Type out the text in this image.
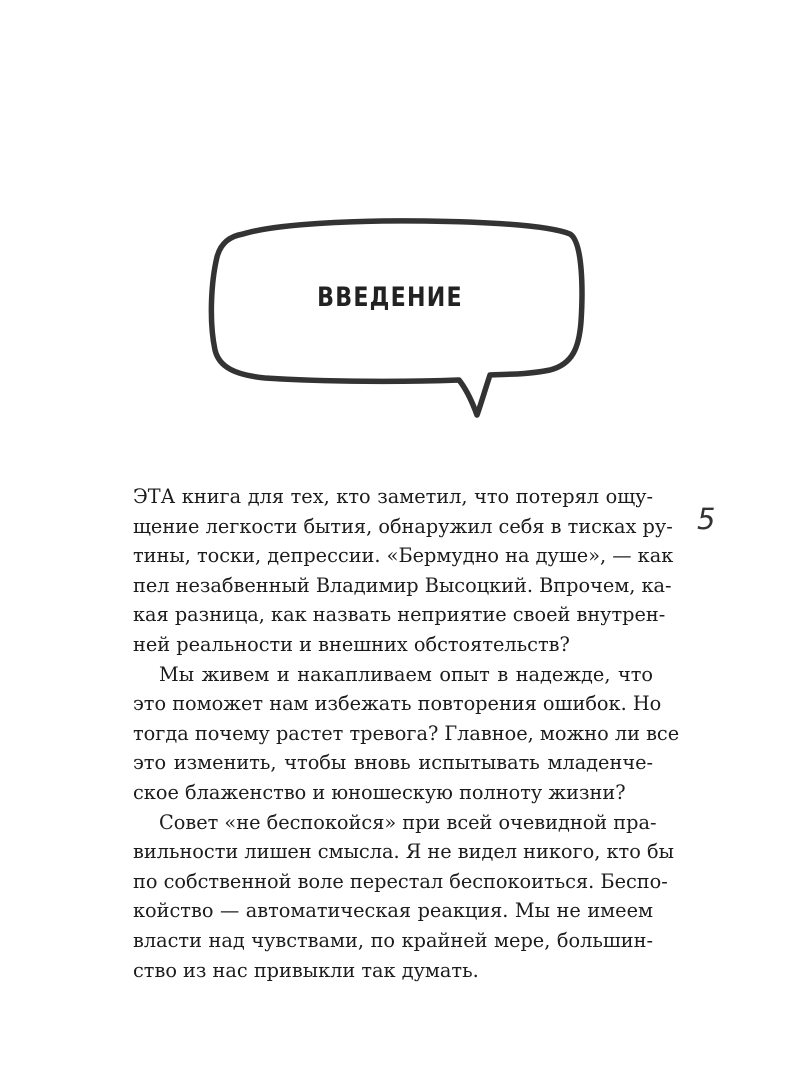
ВВЕДЕНИЕ
5
ЭТА книга для тех, кто заметил, что потерял ощу-
щение легкости бытия, обнаружил себя в тисках ру-
тины, тоски, депрессии. «Бермудно на душе», — как
пел незабвенный Владимир Высоцкий. Впрочем, ка-
кая разница, как назвать неприятие своей внутрен-
ней реальности и внешних обстоятельств?
Мы живем и накапливаем опыт в надежде, что
это поможет нам избежать повторения ошибок. Но
тогда почему растет тревога? Главное, можно ли все
это изменить, чтобы вновь испытывать младенче-
ское блаженство и юношескую полноту жизни?
Совет «не беспокойся» при всей очевидной пра-
вильности лишен смысла. Я не видел никого, кто бы
по собственной воле перестал беспокоиться. Беспо-
койство — автоматическая реакция. Мы не имеем
власти над чувствами, по крайней мере, большин-
ство из нас привыкли так думать.
